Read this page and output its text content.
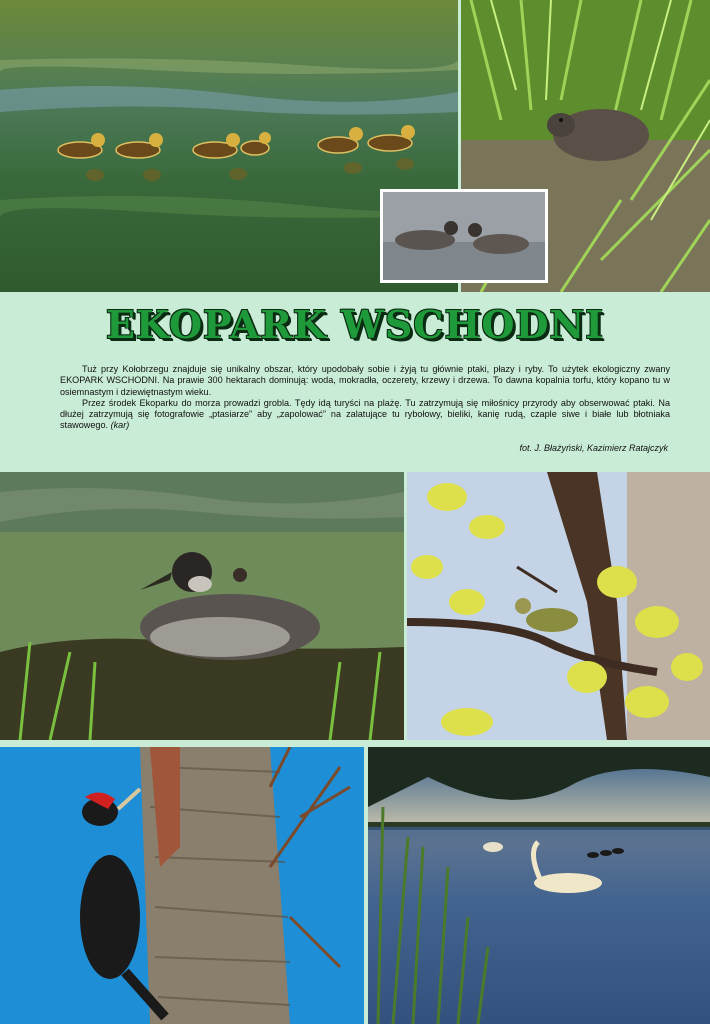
EKOPARK WSCHODNI

Tuż przy Kołobrzegu znajduje się unikalny obszar, który upodobały sobie i żyją tu głównie ptaki, płazy i ryby. To użytek ekologiczny zwany EKOPARK WSCHODNI. Na prawie 300 hektarach dominują: woda, mokradła, oczerety, krzewy i drzewa. To dawna kopalnia torfu, który kopano tu w osiemnastym i dziewiętnastym wieku.

Przez środek Ekoparku do morza prowadzi grobla. Tędy idą turyści na plażę. Tu zatrzymują się miłośnicy przyrody aby obserwować ptaki. Na dłużej zatrzymują się fotografowie „ptasiarze” aby „zapolować” na zalatujące tu rybołowy, bieliki, kanię rudą, czaple siwe i białe lub błotniaka stawowego. (kar)

fot. J. Błażyński, Kazimierz Ratajczyk
